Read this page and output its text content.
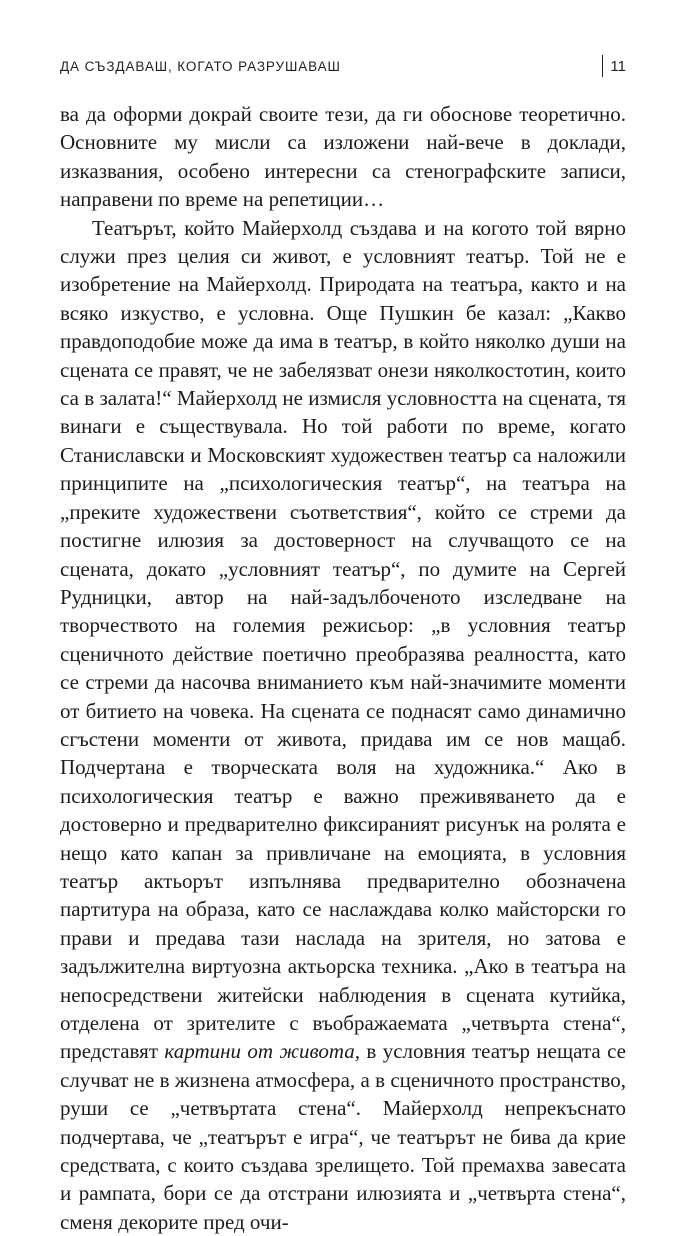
ДА СЪЗДАВАШ, КОГАТО РАЗРУШАВАШ	11

ва да оформи докрай своите тези, да ги обоснове теоретично. Основните му мисли са изложени най-вече в доклади, изказвания, особено интересни са стенографските записи, направени по време на репетиции…

Театърът, който Майерхолд създава и на когото той вярно служи през целия си живот, е условният театър. Той не е изобретение на Майерхолд. Природата на театъра, както и на всяко изкуство, е условна. Още Пушкин бе казал: „Какво правдоподобие може да има в театър, в който няколко души на сцената се правят, че не забелязват онези няколкостотин, които са в залата!“ Майерхолд не измисля условността на сцената, тя винаги е съществувала. Но той работи по време, когато Станиславски и Московският художествен театър са наложили принципите на „психологическия театър“, на театъра на „преките художествени съответствия“, който се стреми да постигне илюзия за достоверност на случващото се на сцената, докато „условният театър“, по думите на Сергей Рудницки, автор на най-задълбоченото изследване на творчеството на големия режисьор: „в условния театър сценичното действие поетично преобразява реалността, като се стреми да насочва вниманието към най-значимите моменти от битието на човека. На сцената се поднасят само динамично сгъстени моменти от живота, придава им се нов мащаб. Подчертана е творческата воля на художника.“ Ако в психологическия театър е важно преживяването да е достоверно и предварително фиксираният рисунък на ролята е нещо като капан за привличане на емоцията, в условния театър актьорът изпълнява предварително обозначена партитура на образа, като се наслаждава колко майсторски го прави и предава тази наслада на зрителя, но затова е задължителна виртуозна актьорска техника. „Ако в театъра на непосредствени житейски наблюдения в сцената кутийка, отделена от зрителите с въображаемата „четвърта стена“, представят картини от живота, в условния театър нещата се случват не в жизнена атмосфера, а в сценичното пространство, руши се „четвъртата стена“. Майерхолд непрекъснато подчертава, че „театърът е игра“, че театърът не бива да крие средствата, с които създава зрелището. Той премахва завесата и рампата, бори се да отстрани илюзията и „четвърта стена“, сменя декорите пред очи-
